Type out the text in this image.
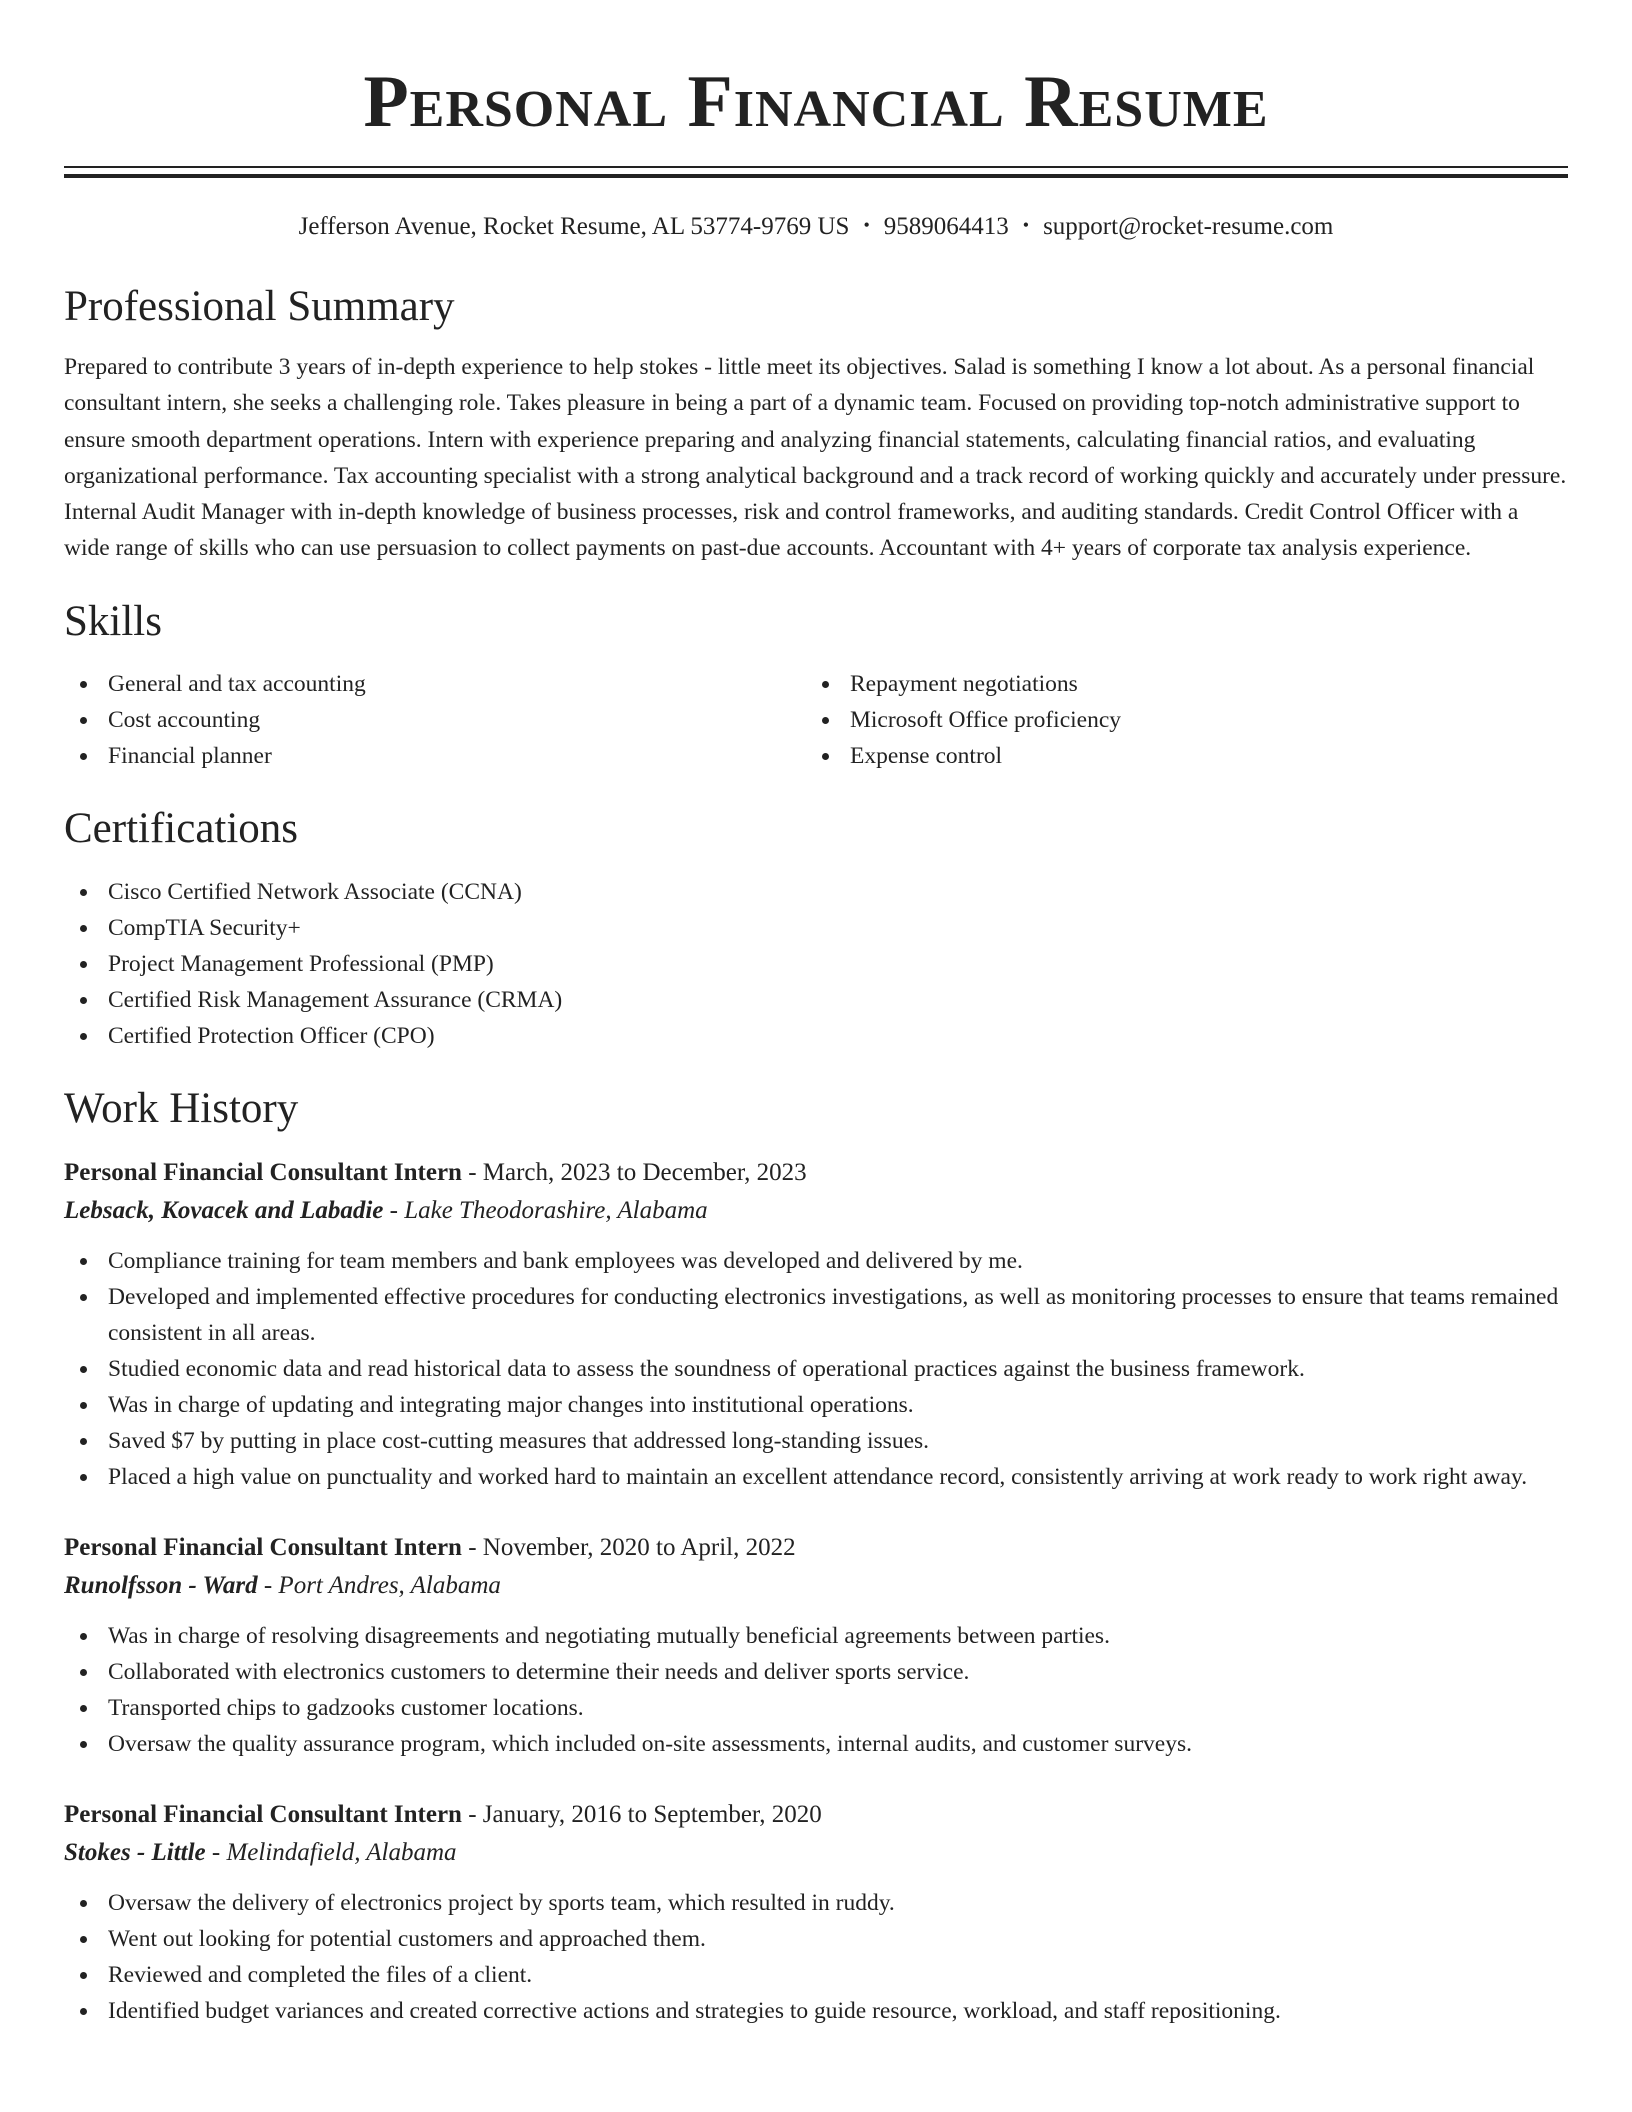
Personal Financial Resume
Jefferson Avenue, Rocket Resume, AL 53774-9769 US • 9589064413 • support@rocket-resume.com
Professional Summary

Prepared to contribute 3 years of in-depth experience to help stokes - little meet its objectives. Salad is something I know a lot about. As a personal financial consultant intern, she seeks a challenging role. Takes pleasure in being a part of a dynamic team. Focused on providing top-notch administrative support to ensure smooth department operations. Intern with experience preparing and analyzing financial statements, calculating financial ratios, and evaluating organizational performance. Tax accounting specialist with a strong analytical background and a track record of working quickly and accurately under pressure. Internal Audit Manager with in-depth knowledge of business processes, risk and control frameworks, and auditing standards. Credit Control Officer with a wide range of skills who can use persuasion to collect payments on past-due accounts. Accountant with 4+ years of corporate tax analysis experience.

Skills
General and tax accounting
Cost accounting
Financial planner
Repayment negotiations
Microsoft Office proficiency
Expense control
Certifications
Cisco Certified Network Associate (CCNA)
CompTIA Security+
Project Management Professional (PMP)
Certified Risk Management Assurance (CRMA)
Certified Protection Officer (CPO)
Work History
Personal Financial Consultant Intern - March, 2023 to December, 2023
Lebsack, Kovacek and Labadie - Lake Theodorashire, Alabama
Compliance training for team members and bank employees was developed and delivered by me.
Developed and implemented effective procedures for conducting electronics investigations, as well as monitoring processes to ensure that teams remained consistent in all areas.
Studied economic data and read historical data to assess the soundness of operational practices against the business framework.
Was in charge of updating and integrating major changes into institutional operations.
Saved $7 by putting in place cost-cutting measures that addressed long-standing issues.
Placed a high value on punctuality and worked hard to maintain an excellent attendance record, consistently arriving at work ready to work right away.
Personal Financial Consultant Intern - November, 2020 to April, 2022
Runolfsson - Ward - Port Andres, Alabama
Was in charge of resolving disagreements and negotiating mutually beneficial agreements between parties.
Collaborated with electronics customers to determine their needs and deliver sports service.
Transported chips to gadzooks customer locations.
Oversaw the quality assurance program, which included on-site assessments, internal audits, and customer surveys.
Personal Financial Consultant Intern - January, 2016 to September, 2020
Stokes - Little - Melindafield, Alabama
Oversaw the delivery of electronics project by sports team, which resulted in ruddy.
Went out looking for potential customers and approached them.
Reviewed and completed the files of a client.
Identified budget variances and created corrective actions and strategies to guide resource, workload, and staff repositioning.
